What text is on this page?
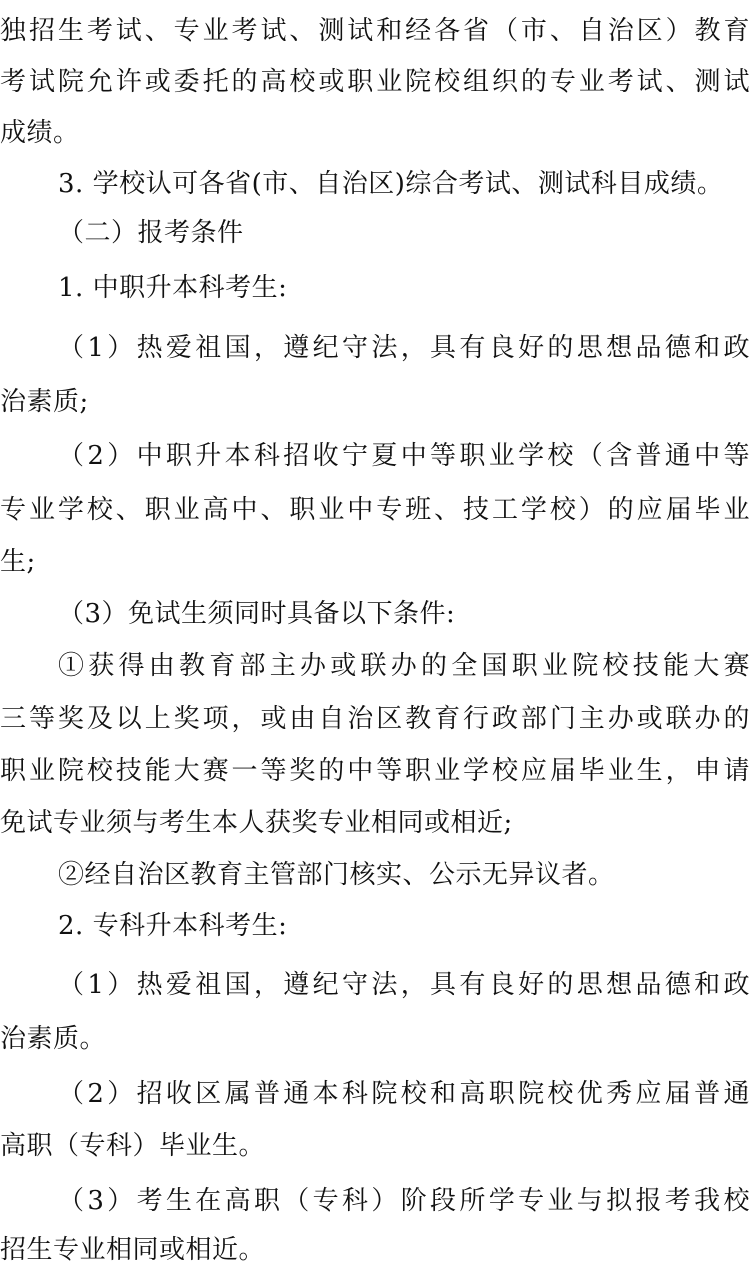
独招生考试、专业考试、测试和经各省（市、自治区）教育
考试院允许或委托的高校或职业院校组织的专业考试、测试
成绩。
3. 学校认可各省(市、自治区)综合考试、测试科目成绩。
（二）报考条件
1. 中职升本科考生:
（1）热爱祖国，遵纪守法，具有良好的思想品德和政
治素质;
（2）中职升本科招收宁夏中等职业学校（含普通中等
专业学校、职业高中、职业中专班、技工学校）的应届毕业
生;
（3）免试生须同时具备以下条件:
①获得由教育部主办或联办的全国职业院校技能大赛
三等奖及以上奖项，或由自治区教育行政部门主办或联办的
职业院校技能大赛一等奖的中等职业学校应届毕业生，申请
免试专业须与考生本人获奖专业相同或相近;
②经自治区教育主管部门核实、公示无异议者。
2. 专科升本科考生:
（1）热爱祖国，遵纪守法，具有良好的思想品德和政
治素质。
（2）招收区属普通本科院校和高职院校优秀应届普通
高职（专科）毕业生。
（3）考生在高职（专科）阶段所学专业与拟报考我校
招生专业相同或相近。
